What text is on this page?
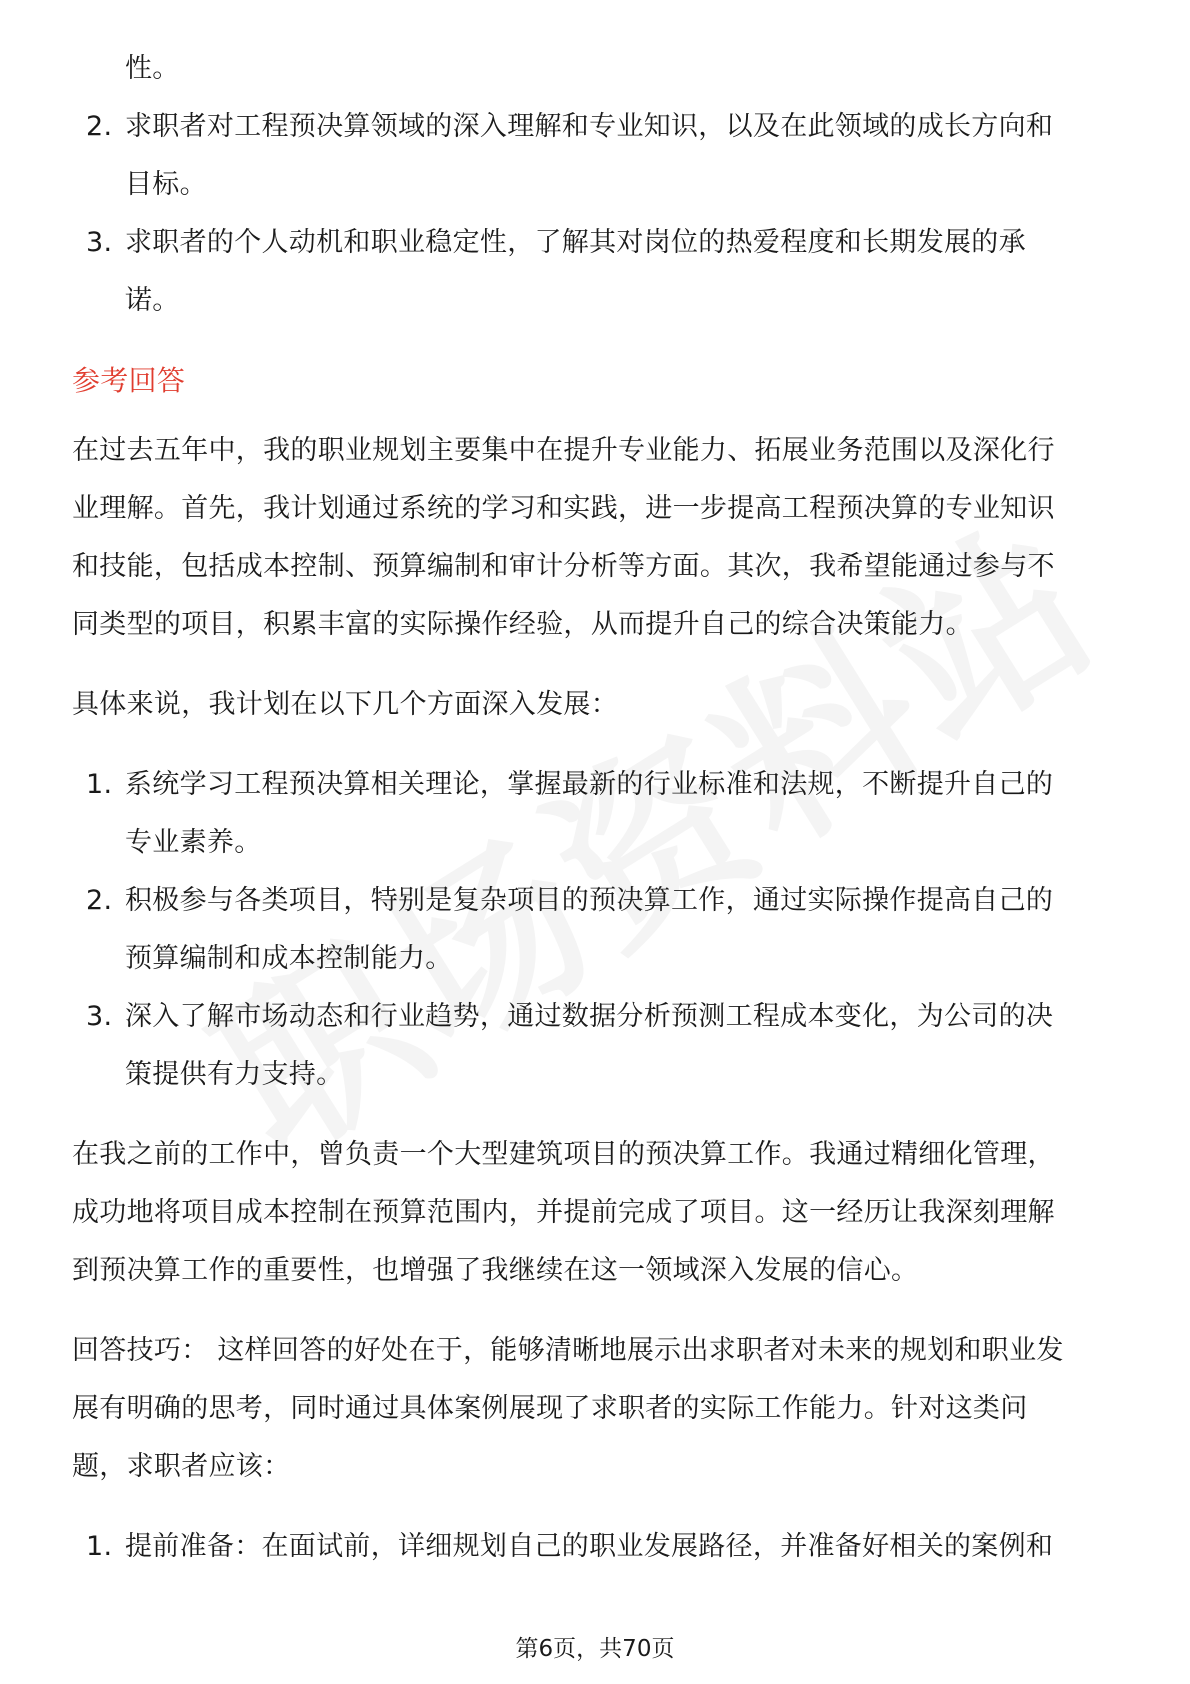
性。
2. 求职者对工程预决算领域的深入理解和专业知识，以及在此领域的成长方向和
目标。
3. 求职者的个人动机和职业稳定性，了解其对岗位的热爱程度和长期发展的承
诺。
参考回答
在过去五年中，我的职业规划主要集中在提升专业能力、拓展业务范围以及深化行
业理解。首先，我计划通过系统的学习和实践，进一步提高工程预决算的专业知识
和技能，包括成本控制、预算编制和审计分析等方面。其次，我希望能通过参与不
同类型的项目，积累丰富的实际操作经验，从而提升自己的综合决策能力。
具体来说，我计划在以下几个方面深入发展：
1. 系统学习工程预决算相关理论，掌握最新的行业标准和法规，不断提升自己的
专业素养。
2. 积极参与各类项目，特别是复杂项目的预决算工作，通过实际操作提高自己的
预算编制和成本控制能力。
3. 深入了解市场动态和行业趋势，通过数据分析预测工程成本变化，为公司的决
策提供有力支持。
在我之前的工作中，曾负责一个大型建筑项目的预决算工作。我通过精细化管理，
成功地将项目成本控制在预算范围内，并提前完成了项目。这一经历让我深刻理解
到预决算工作的重要性，也增强了我继续在这一领域深入发展的信心。
回答技巧： 这样回答的好处在于，能够清晰地展示出求职者对未来的规划和职业发
展有明确的思考，同时通过具体案例展现了求职者的实际工作能力。针对这类问
题，求职者应该：
1. 提前准备：在面试前，详细规划自己的职业发展路径，并准备好相关的案例和
第6页，共70页
